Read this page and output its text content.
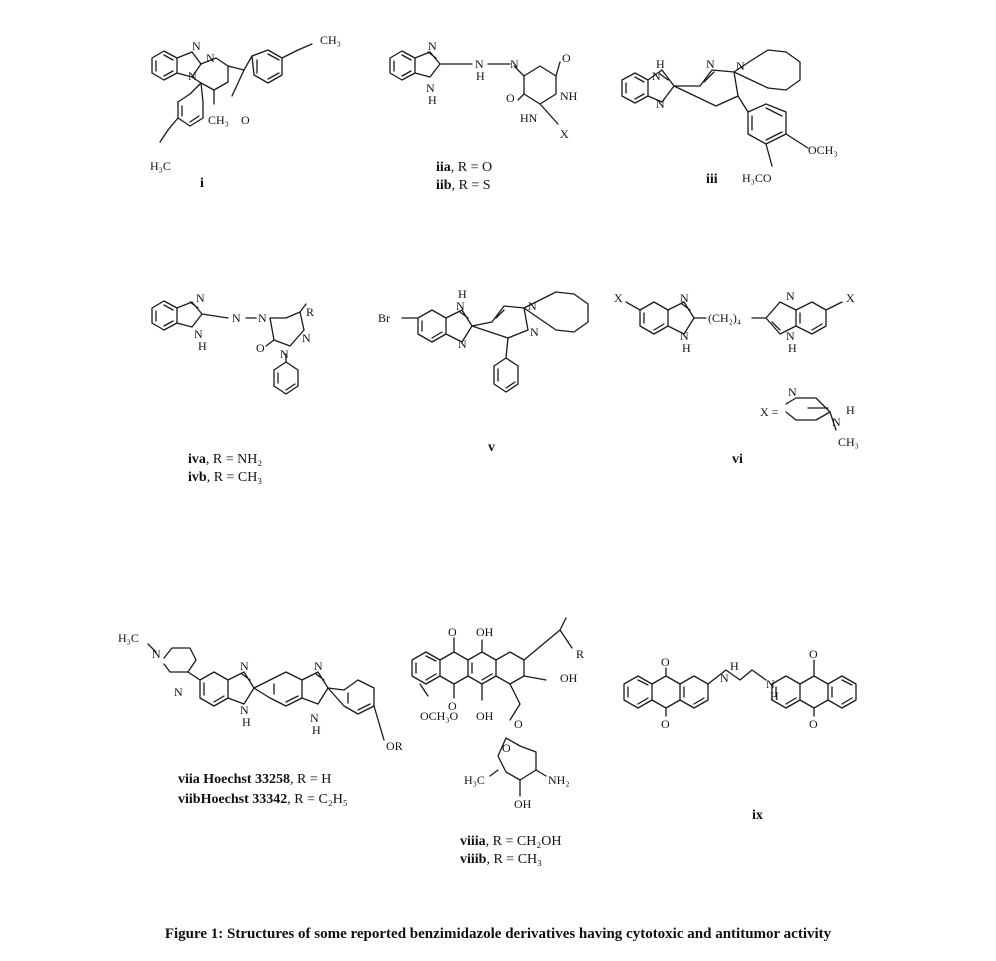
N
N
N
CH₃
CH₃ O
H₃C
N
N
H
N
H
N	O
NH
O
HN
X
H
N
N
N N
OCH₃
H₃CO
N
N
H
N N	R
N
O N
Br
H
N
N
N
N
X	N
N
H
(CH₂)₄
N
N
H
X
X =
N
H
N
CH₃
H₃C
N
N
N
N
H
N
N
H
OR
O OH
R
OH
O
OCH₃O OH
O
O
H₃C	NH₂
OH
O
O
H
N	N
H
O
O
i
iia, R = O
iib, R = S	iii
iva, R = NH₂
ivb, R = CH₃
v
vi
viia Hoechst 33258, R = H
viibHoechst 33342, R = C₂H₅
viiia, R = CH₂OH
viiib, R = CH₃
ix
Figure 1: Structures of some reported benzimidazole derivatives having cytotoxic and antitumor activity
